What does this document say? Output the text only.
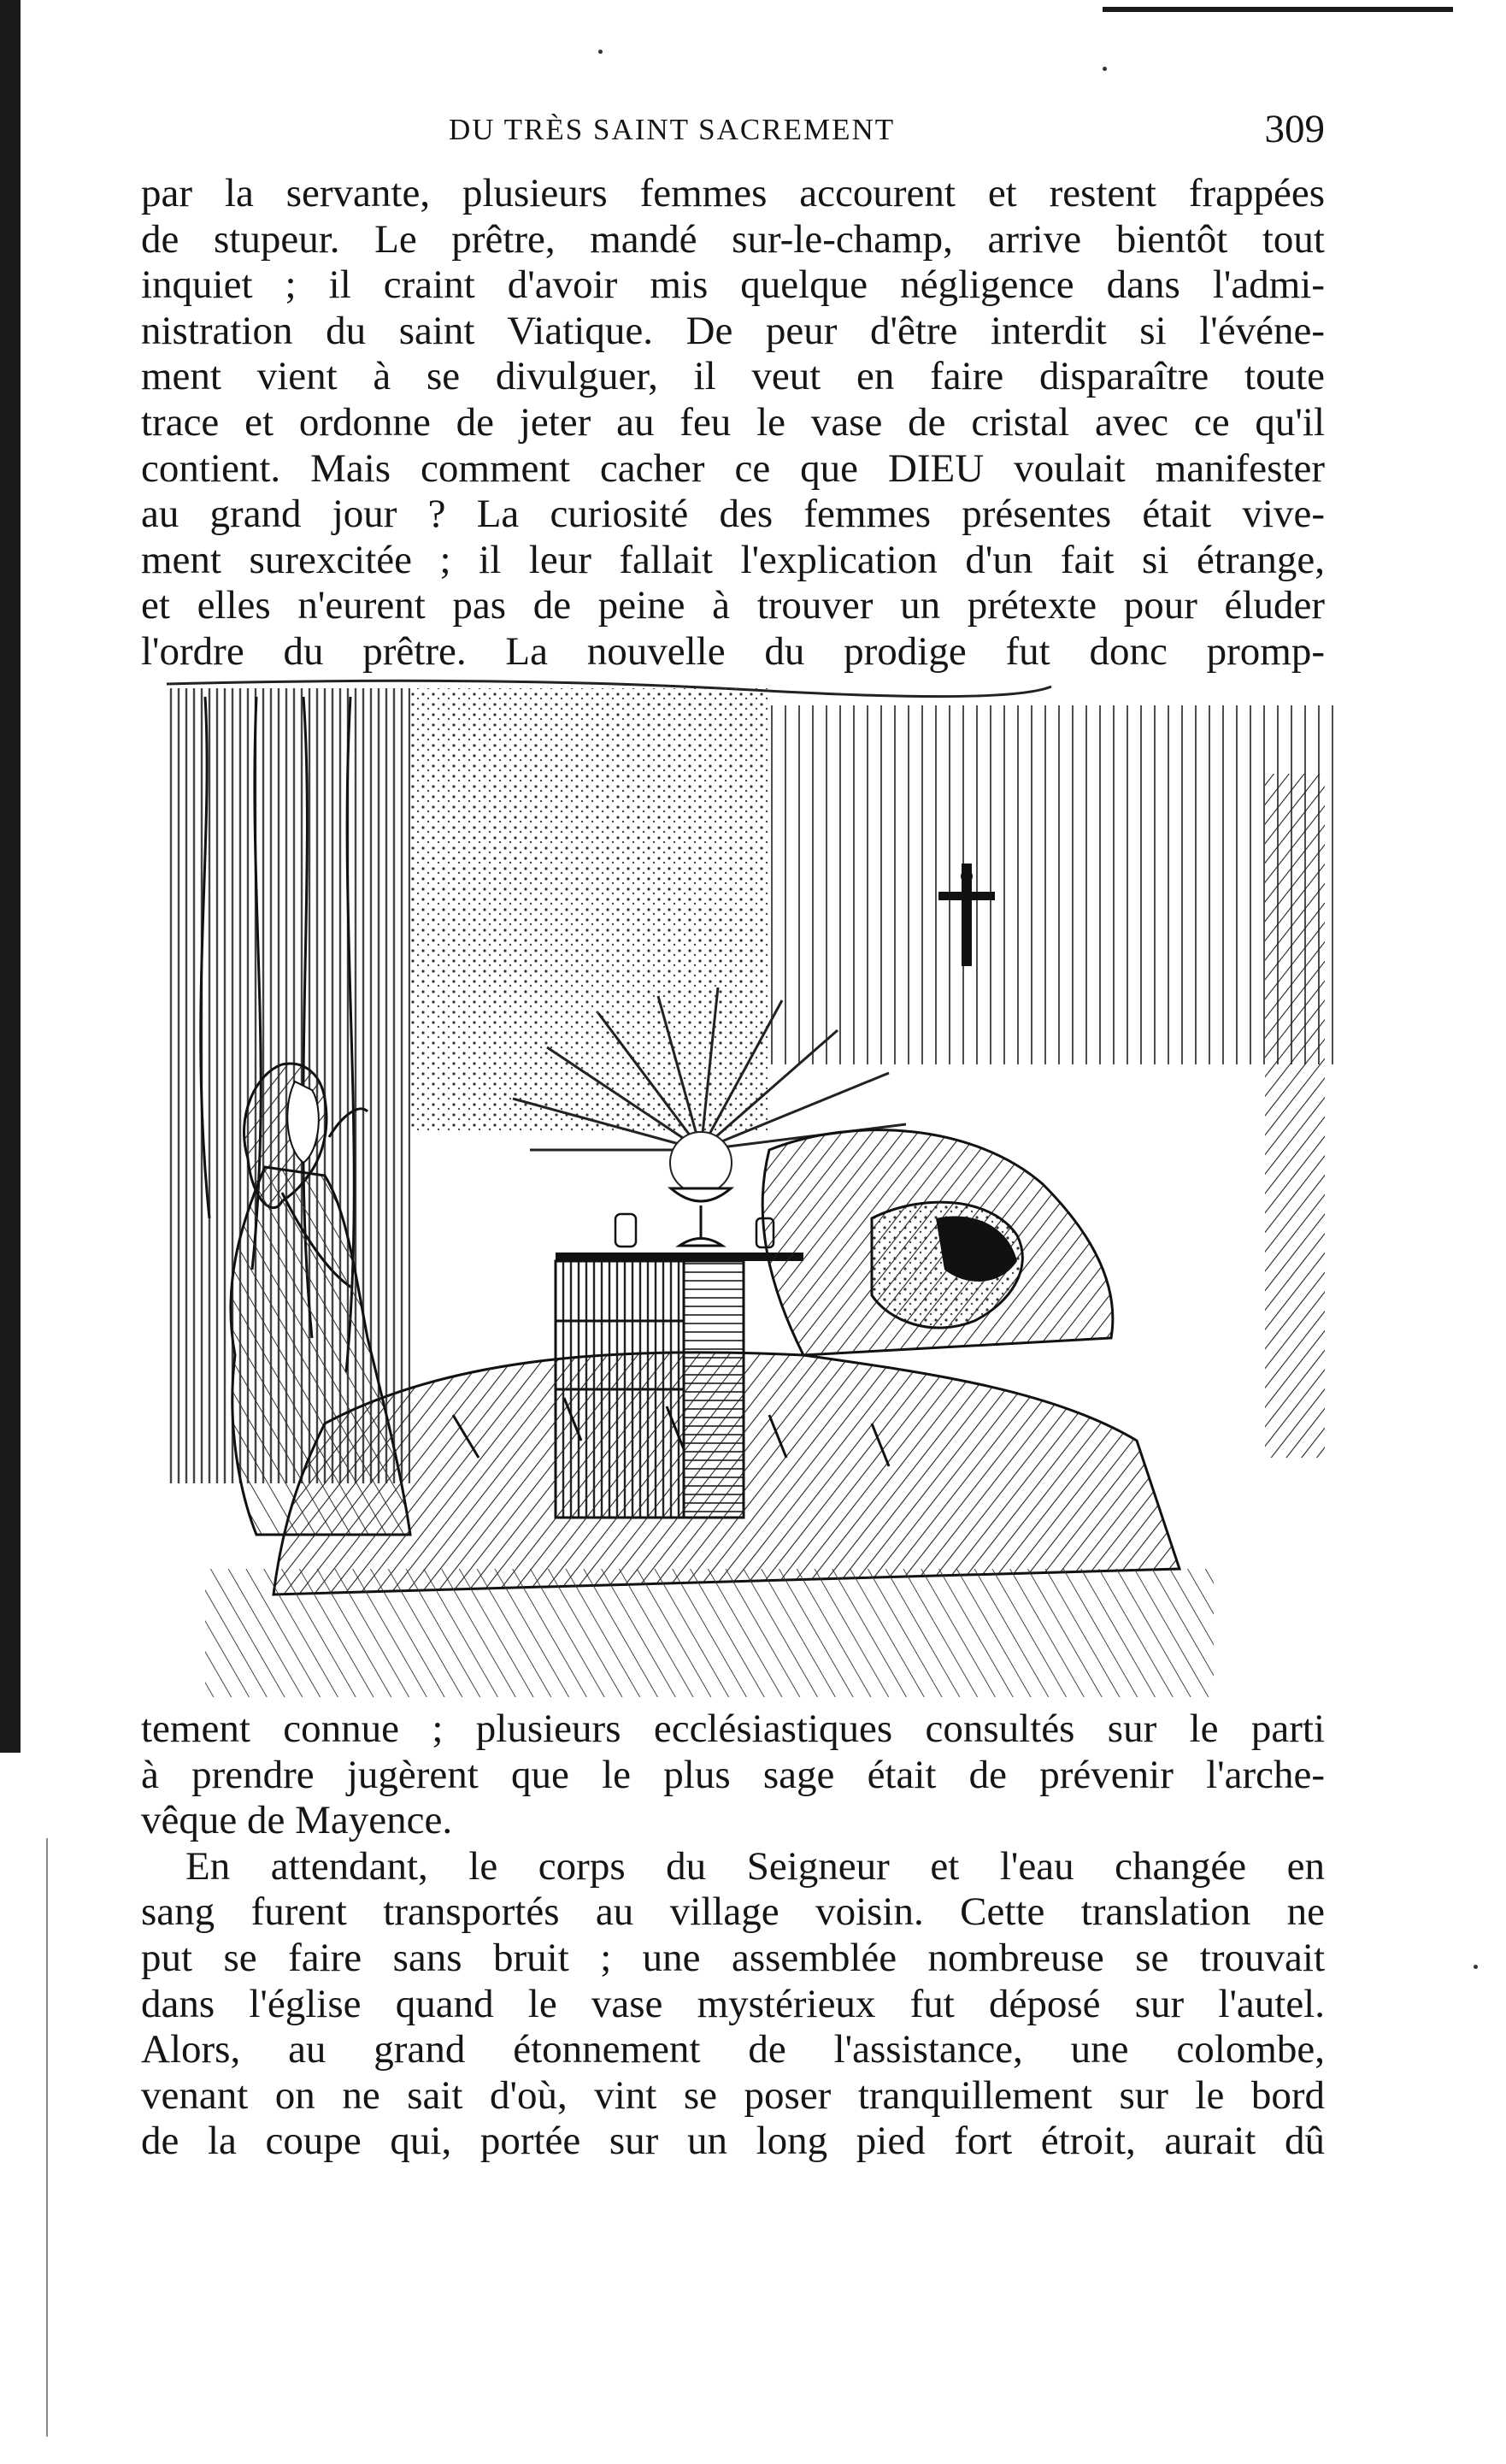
DU TRÈS SAINT SACREMENT	309
par la servante, plusieurs femmes accourent et restent frappées
de stupeur. Le prêtre, mandé sur-le-champ, arrive bientôt tout
inquiet ; il craint d'avoir mis quelque négligence dans l'admi-
nistration du saint Viatique. De peur d'être interdit si l'événe-
ment vient à se divulguer, il veut en faire disparaître toute
trace et ordonne de jeter au feu le vase de cristal avec ce qu'il
contient. Mais comment cacher ce que DIEU voulait manifester
au grand jour ? La curiosité des femmes présentes était vive-
ment surexcitée ; il leur fallait l'explication d'un fait si étrange,
et elles n'eurent pas de peine à trouver un prétexte pour éluder
l'ordre du prêtre. La nouvelle du prodige fut donc promp-
tement connue ; plusieurs ecclésiastiques consultés sur le parti
à prendre jugèrent que le plus sage était de prévenir l'arche-
vêque de Mayence.
En attendant, le corps du Seigneur et l'eau changée en
sang furent transportés au village voisin. Cette translation ne
put se faire sans bruit ; une assemblée nombreuse se trouvait
dans l'église quand le vase mystérieux fut déposé sur l'autel.
Alors, au grand étonnement de l'assistance, une colombe,
venant on ne sait d'où, vint se poser tranquillement sur le bord
de la coupe qui, portée sur un long pied fort étroit, aurait dû
